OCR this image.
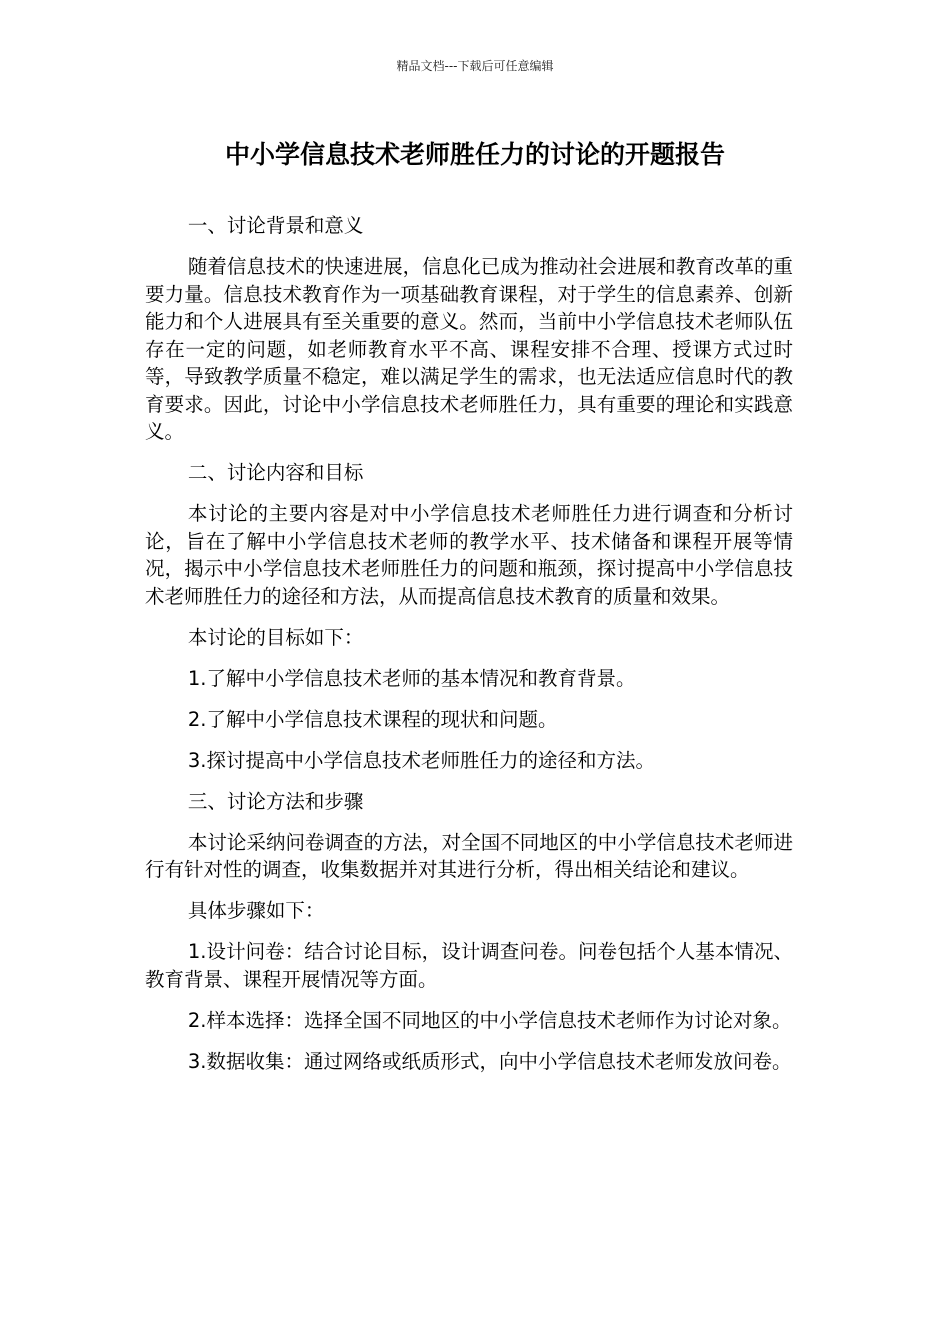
精品文档---下载后可任意编辑
中小学信息技术老师胜任力的讨论的开题报告

一、讨论背景和意义

随着信息技术的快速进展，信息化已成为推动社会进展和教育改革的重要力量。信息技术教育作为一项基础教育课程，对于学生的信息素养、创新能力和个人进展具有至关重要的意义。然而，当前中小学信息技术老师队伍存在一定的问题，如老师教育水平不高、课程安排不合理、授课方式过时等，导致教学质量不稳定，难以满足学生的需求，也无法适应信息时代的教育要求。因此，讨论中小学信息技术老师胜任力，具有重要的理论和实践意义。

二、讨论内容和目标

本讨论的主要内容是对中小学信息技术老师胜任力进行调查和分析讨论，旨在了解中小学信息技术老师的教学水平、技术储备和课程开展等情况，揭示中小学信息技术老师胜任力的问题和瓶颈，探讨提高中小学信息技术老师胜任力的途径和方法，从而提高信息技术教育的质量和效果。

本讨论的目标如下：

1.了解中小学信息技术老师的基本情况和教育背景。

2.了解中小学信息技术课程的现状和问题。

3.探讨提高中小学信息技术老师胜任力的途径和方法。

三、讨论方法和步骤

本讨论采纳问卷调查的方法，对全国不同地区的中小学信息技术老师进行有针对性的调查，收集数据并对其进行分析，得出相关结论和建议。

具体步骤如下：

1.设计问卷：结合讨论目标，设计调查问卷。问卷包括个人基本情况、教育背景、课程开展情况等方面。

2.样本选择：选择全国不同地区的中小学信息技术老师作为讨论对象。

3.数据收集：通过网络或纸质形式，向中小学信息技术老师发放问卷。
